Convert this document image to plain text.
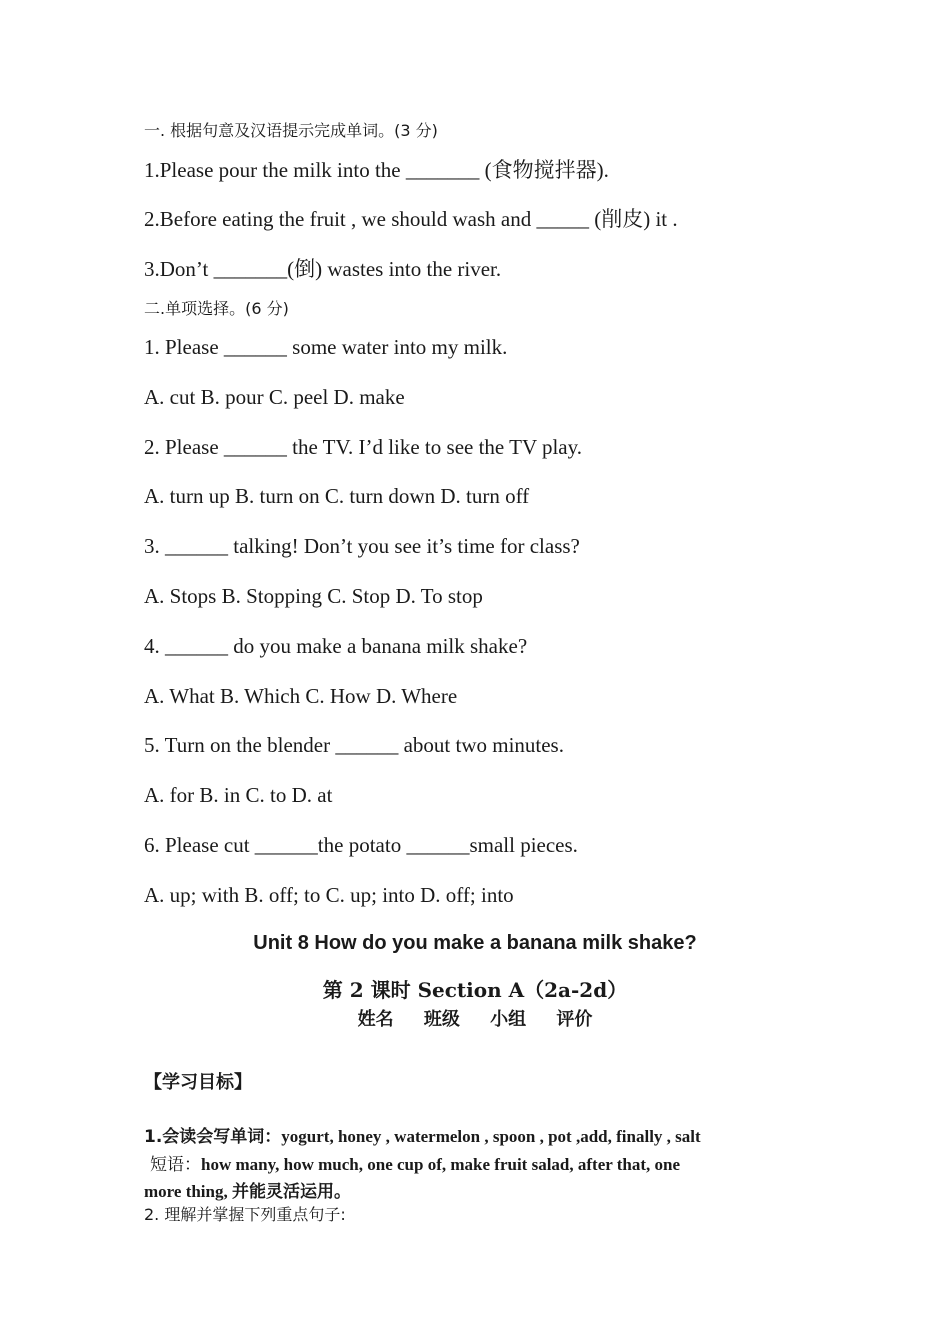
一. 根据句意及汉语提示完成单词。(3 分)
1.Please pour the milk into the _______ (食物搅拌器).
2.Before eating the fruit , we should wash and _____ (削皮) it .
3.Don’t _______(倒) wastes into the river.
二.单项选择。(6 分)
1. Please ______ some water into my milk.
A. cut B. pour C. peel D. make
2. Please ______ the TV. I’d like to see the TV play.
A. turn up B. turn on C. turn down D. turn off
3. ______ talking! Don’t you see it’s time for class?
A. Stops B. Stopping C. Stop D. To stop
4. ______ do you make a banana milk shake?
A. What B. Which C. How D. Where
5. Turn on the blender ______ about two minutes.
A. for B. in C. to D. at
6. Please cut ______the potato ______small pieces.
A. up; with B. off; to C. up; into D. off; into
Unit 8 How do you make a banana milk shake?
第 2 课时 Section A（2a-2d）
姓名 班级 小组 评价
【学习目标】
1.会读会写单词：yogurt, honey , watermelon , spoon , pot ,add, finally , salt
短语：how many, how much, one cup of, make fruit salad, after that, one
more thing, 并能灵活运用。
2. 理解并掌握下列重点句子:
